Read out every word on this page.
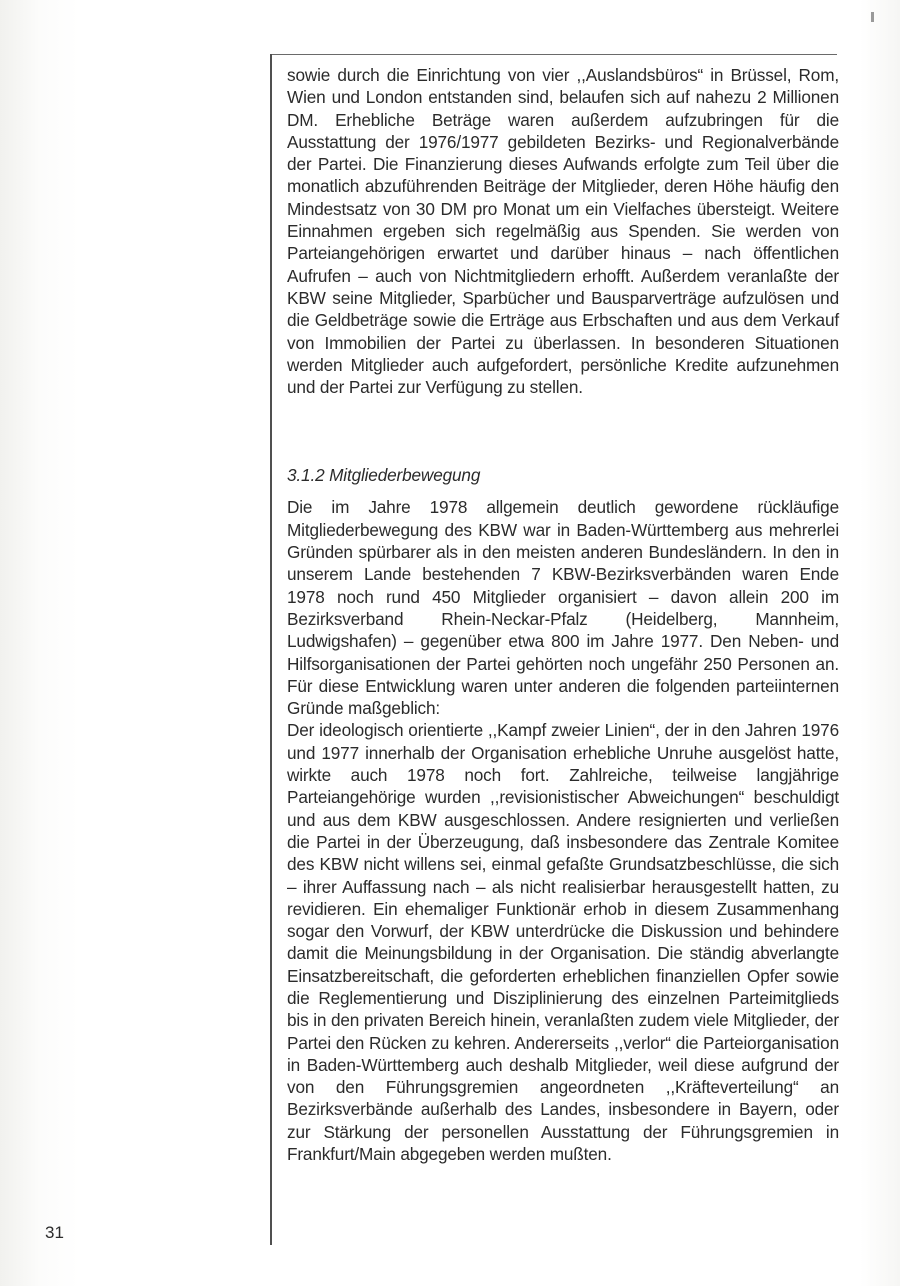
sowie durch die Einrichtung von vier ,,Auslandsbüros“ in Brüssel, Rom, Wien und London entstanden sind, belaufen sich auf nahezu 2 Millionen DM. Erhebliche Beträge waren außerdem aufzubringen für die Ausstattung der 1976/1977 gebildeten Bezirks- und Regionalverbände der Partei. Die Finanzierung dieses Aufwands erfolgte zum Teil über die monatlich abzuführenden Beiträge der Mitglieder, deren Höhe häufig den Mindestsatz von 30 DM pro Monat um ein Vielfaches übersteigt. Weitere Einnahmen ergeben sich regelmäßig aus Spenden. Sie werden von Parteiangehörigen erwartet und darüber hinaus – nach öffentlichen Aufrufen – auch von Nichtmitgliedern erhofft. Außerdem veranlaßte der KBW seine Mitglieder, Sparbücher und Bausparverträge aufzulösen und die Geldbeträge sowie die Erträge aus Erbschaften und aus dem Verkauf von Immobilien der Partei zu überlassen. In besonderen Situationen werden Mitglieder auch aufgefordert, persönliche Kredite aufzunehmen und der Partei zur Verfügung zu stellen.

3.1.2 Mitgliederbewegung

Die im Jahre 1978 allgemein deutlich gewordene rückläufige Mitgliederbewegung des KBW war in Baden-Württemberg aus mehrerlei Gründen spürbarer als in den meisten anderen Bundesländern. In den in unserem Lande bestehenden 7 KBW-Bezirksverbänden waren Ende 1978 noch rund 450 Mitglieder organisiert – davon allein 200 im Bezirksverband Rhein-Neckar-Pfalz (Heidelberg, Mannheim, Ludwigshafen) – gegenüber etwa 800 im Jahre 1977. Den Neben- und Hilfsorganisationen der Partei gehörten noch ungefähr 250 Personen an. Für diese Entwicklung waren unter anderen die folgenden parteiinternen Gründe maßgeblich:

Der ideologisch orientierte ,,Kampf zweier Linien“, der in den Jahren 1976 und 1977 innerhalb der Organisation erhebliche Unruhe ausgelöst hatte, wirkte auch 1978 noch fort. Zahlreiche, teilweise langjährige Parteiangehörige wurden ,,revisionistischer Abweichungen“ beschuldigt und aus dem KBW ausgeschlossen. Andere resignierten und verließen die Partei in der Überzeugung, daß insbesondere das Zentrale Komitee des KBW nicht willens sei, einmal gefaßte Grundsatzbeschlüsse, die sich – ihrer Auffassung nach – als nicht realisierbar herausgestellt hatten, zu revidieren. Ein ehemaliger Funktionär erhob in diesem Zusammenhang sogar den Vorwurf, der KBW unterdrücke die Diskussion und behindere damit die Meinungsbildung in der Organisation. Die ständig abverlangte Einsatzbereitschaft, die geforderten erheblichen finanziellen Opfer sowie die Reglementierung und Disziplinierung des einzelnen Parteimitglieds bis in den privaten Bereich hinein, veranlaßten zudem viele Mitglieder, der Partei den Rücken zu kehren. Andererseits ,,verlor“ die Parteiorganisation in Baden-Württemberg auch deshalb Mitglieder, weil diese aufgrund der von den Führungsgremien angeordneten ,,Kräfteverteilung“ an Bezirksverbände außerhalb des Landes, insbesondere in Bayern, oder zur Stärkung der personellen Ausstattung der Führungsgremien in Frankfurt/Main abgegeben werden mußten.

31
